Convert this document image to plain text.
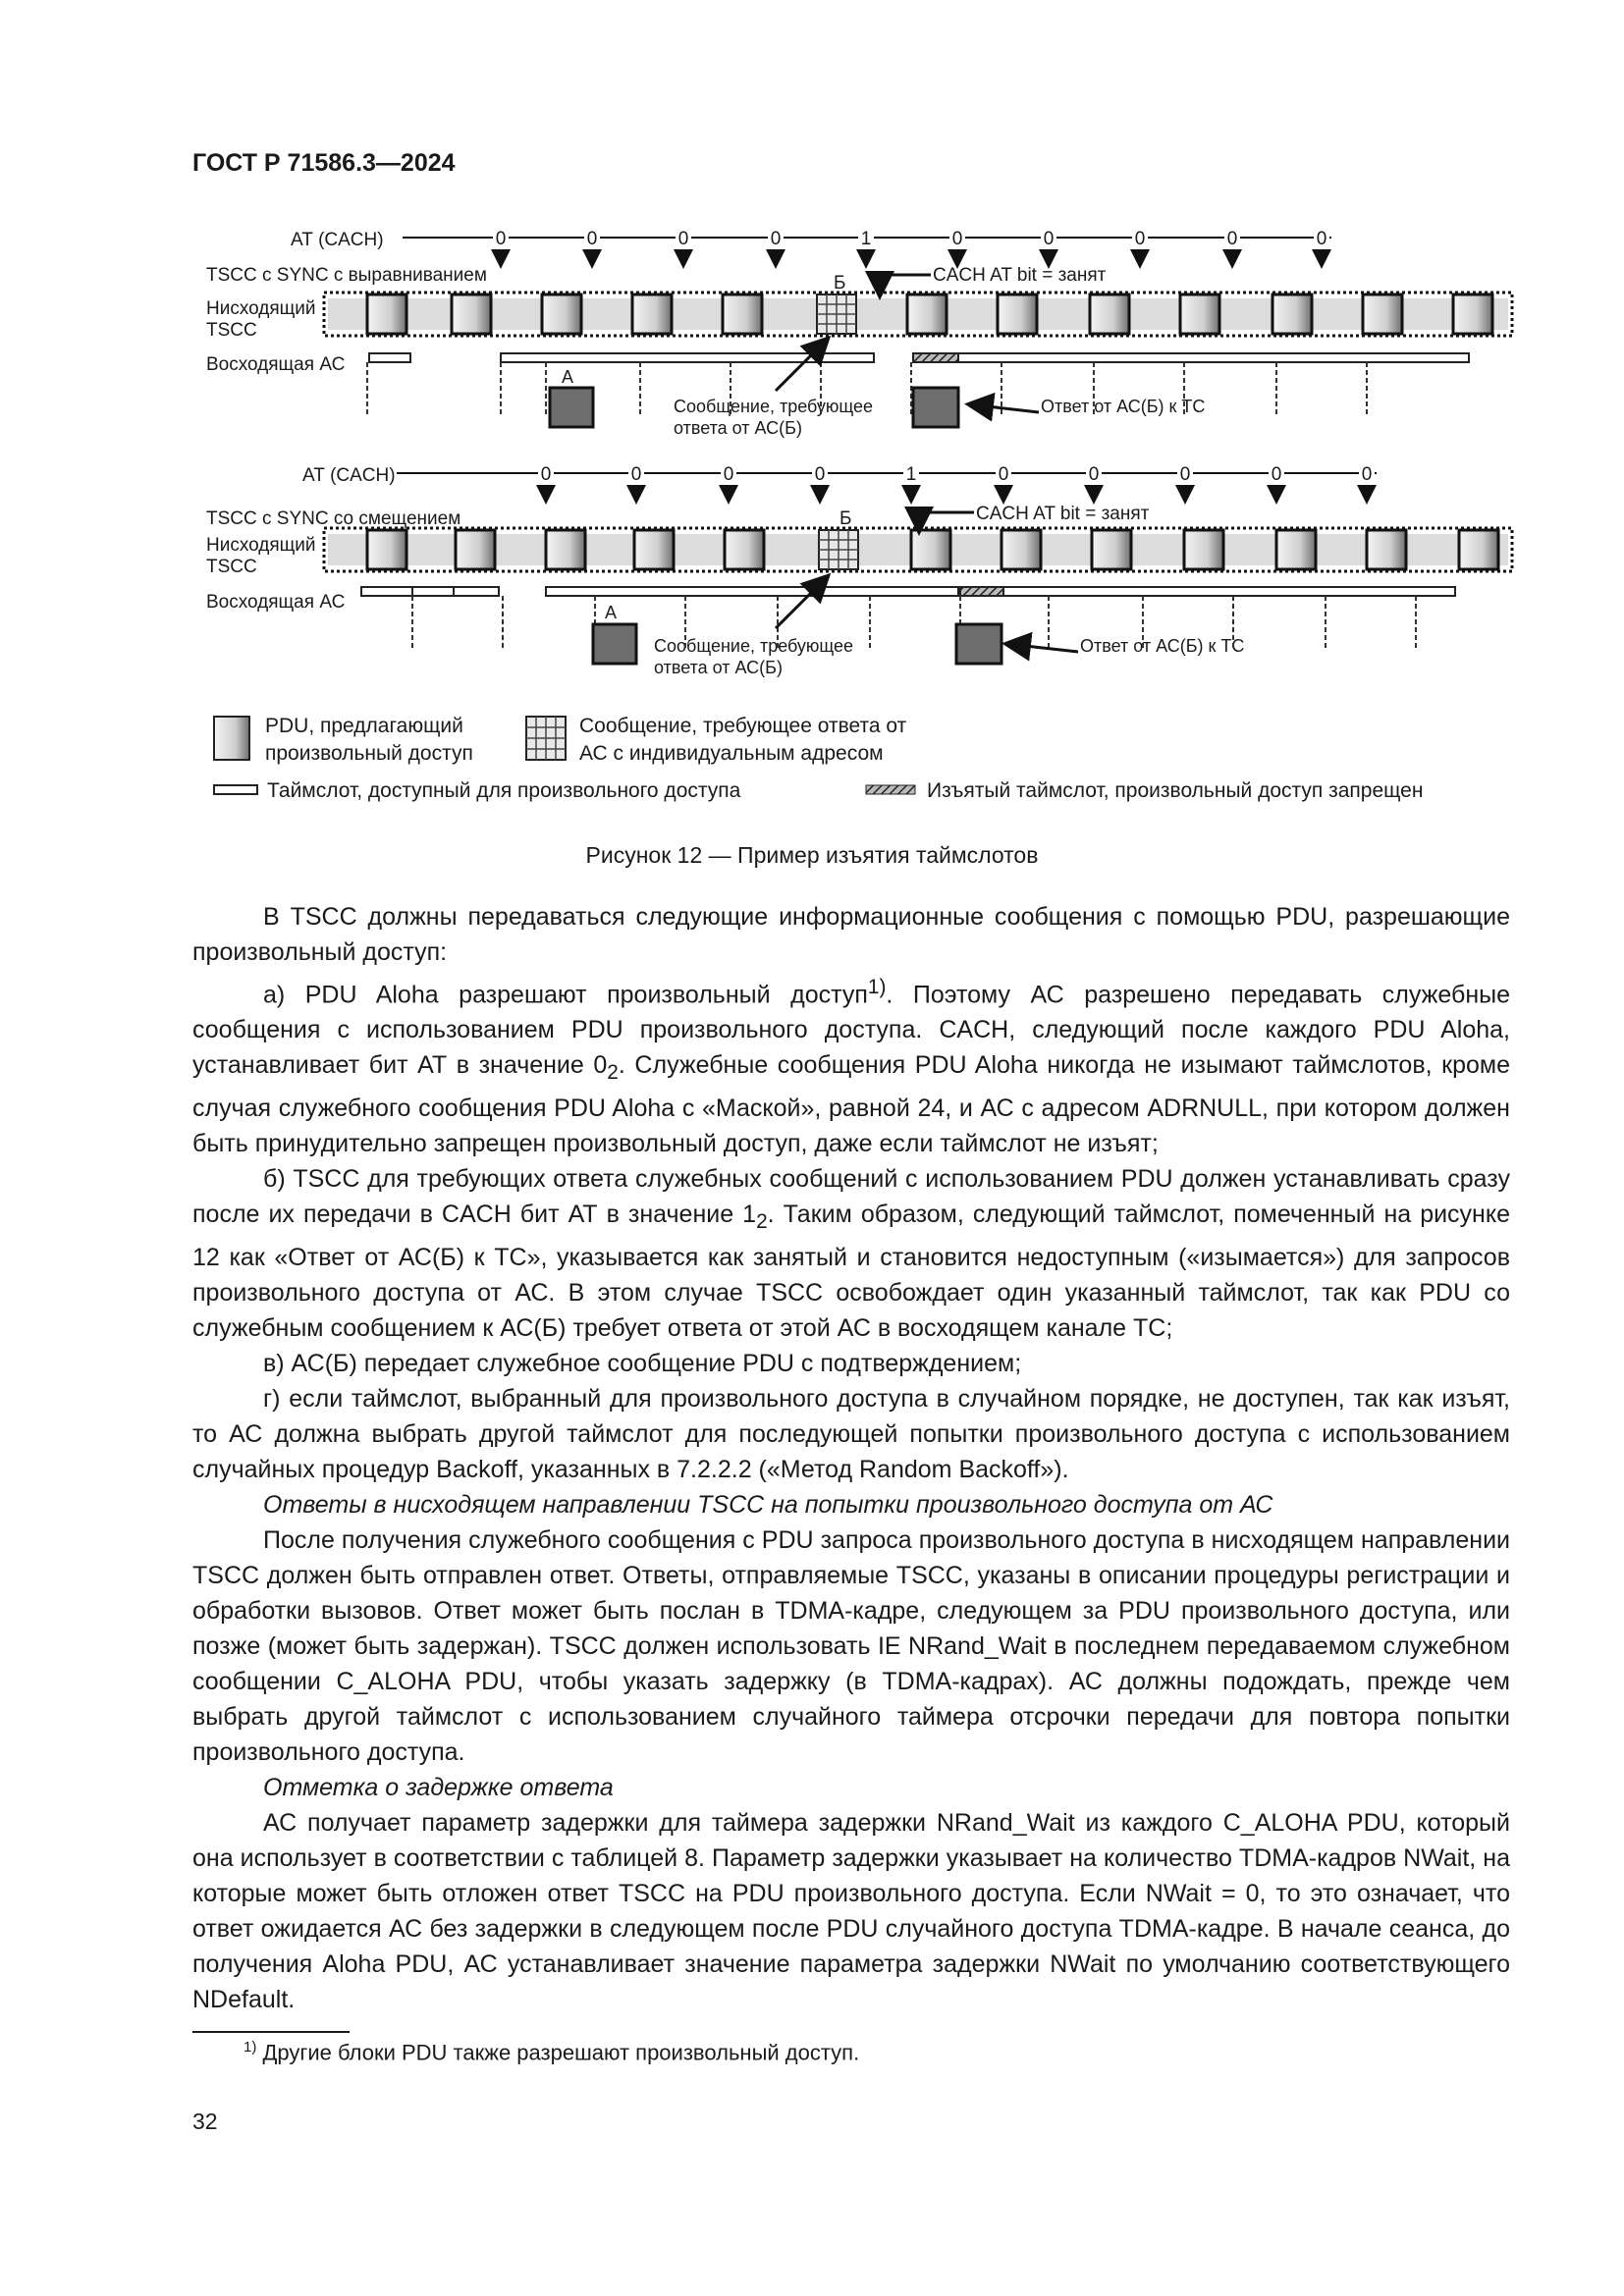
ГОСТ Р 71586.3—2024
АТ (CACH)
TSCC с SYNC с выравниванием
Нисходящий
TSCC
Восходящая АС
Б	CACH AT bit = занят
А
Сообщение, требующее
ответа от АС(Б)
Ответ от АС(Б) к ТС
0	0	0	0	1	0	0	0	0	0
АТ (CACH)
TSCC с SYNC со смещением
Нисходящий
TSCC
Восходящая АС
Б	CACH AT bit = занят
А
Сообщение, требующее
ответа от АС(Б)
Ответ от АС(Б) к ТС
0	0	0	0	1	0	0	0	0	0
PDU, предлагающий
произвольный доступ
Сообщение, требующее ответа от
АС с индивидуальным адресом
Таймслот, доступный для произвольного доступа	Изъятый таймслот, произвольный доступ запрещен
Рисунок 12 — Пример изъятия таймслотов

В TSCC должны передаваться следующие информационные сообщения с помощью PDU, разрешающие произвольный доступ:

а) PDU Aloha разрешают произвольный доступ$^{1)}$. Поэтому АС разрешено передавать служебные сообщения с использованием PDU произвольного доступа. CACH, следующий после каждого PDU Aloha, устанавливает бит АТ в значение $0_2$. Служебные сообщения PDU Aloha никогда не изымают таймслотов, кроме случая служебного сообщения PDU Aloha с «Маской», равной 24, и АС с адресом ADRNULL, при котором должен быть принудительно запрещен произвольный доступ, даже если таймслот не изъят;

б) TSCC для требующих ответа служебных сообщений с использованием PDU должен устанавливать сразу после их передачи в CACH бит АТ в значение $1_2$. Таким образом, следующий таймслот, помеченный на рисунке 12 как «Ответ от АС(Б) к ТС», указывается как занятый и становится недоступным («изымается») для запросов произвольного доступа от АС. В этом случае TSCC освобождает один указанный таймслот, так как PDU со служебным сообщением к АС(Б) требует ответа от этой АС в восходящем канале ТС;

в) АС(Б) передает служебное сообщение PDU с подтверждением;

г) если таймслот, выбранный для произвольного доступа в случайном порядке, не доступен, так как изъят, то АС должна выбрать другой таймслот для последующей попытки произвольного доступа с использованием случайных процедур Backoff, указанных в 7.2.2.2 («Метод Random Backoff»).

Ответы в нисходящем направлении TSCC на попытки произвольного доступа от АС

После получения служебного сообщения с PDU запроса произвольного доступа в нисходящем направлении TSCC должен быть отправлен ответ. Ответы, отправляемые TSCC, указаны в описании процедуры регистрации и обработки вызовов. Ответ может быть послан в TDMA-кадре, следующем за PDU произвольного доступа, или позже (может быть задержан). TSCC должен использовать IE NRand_Wait в последнем передаваемом служебном сообщении C_ALOHA PDU, чтобы указать задержку (в TDMA-кадрах). АС должны подождать, прежде чем выбрать другой таймслот с использованием случайного таймера отсрочки передачи для повтора попытки произвольного доступа.

Отметка о задержке ответа

АС получает параметр задержки для таймера задержки NRand_Wait из каждого C_ALOHA PDU, который она использует в соответствии с таблицей 8. Параметр задержки указывает на количество TDMA-кадров NWait, на которые может быть отложен ответ TSCC на PDU произвольного доступа. Если NWait = 0, то это означает, что ответ ожидается АС без задержки в следующем после PDU случайного доступа TDMA-кадре. В начале сеанса, до получения Aloha PDU, АС устанавливает значение параметра задержки NWait по умолчанию соответствующего NDefault.

$^{1)}$ Другие блоки PDU также разрешают произвольный доступ.
32
